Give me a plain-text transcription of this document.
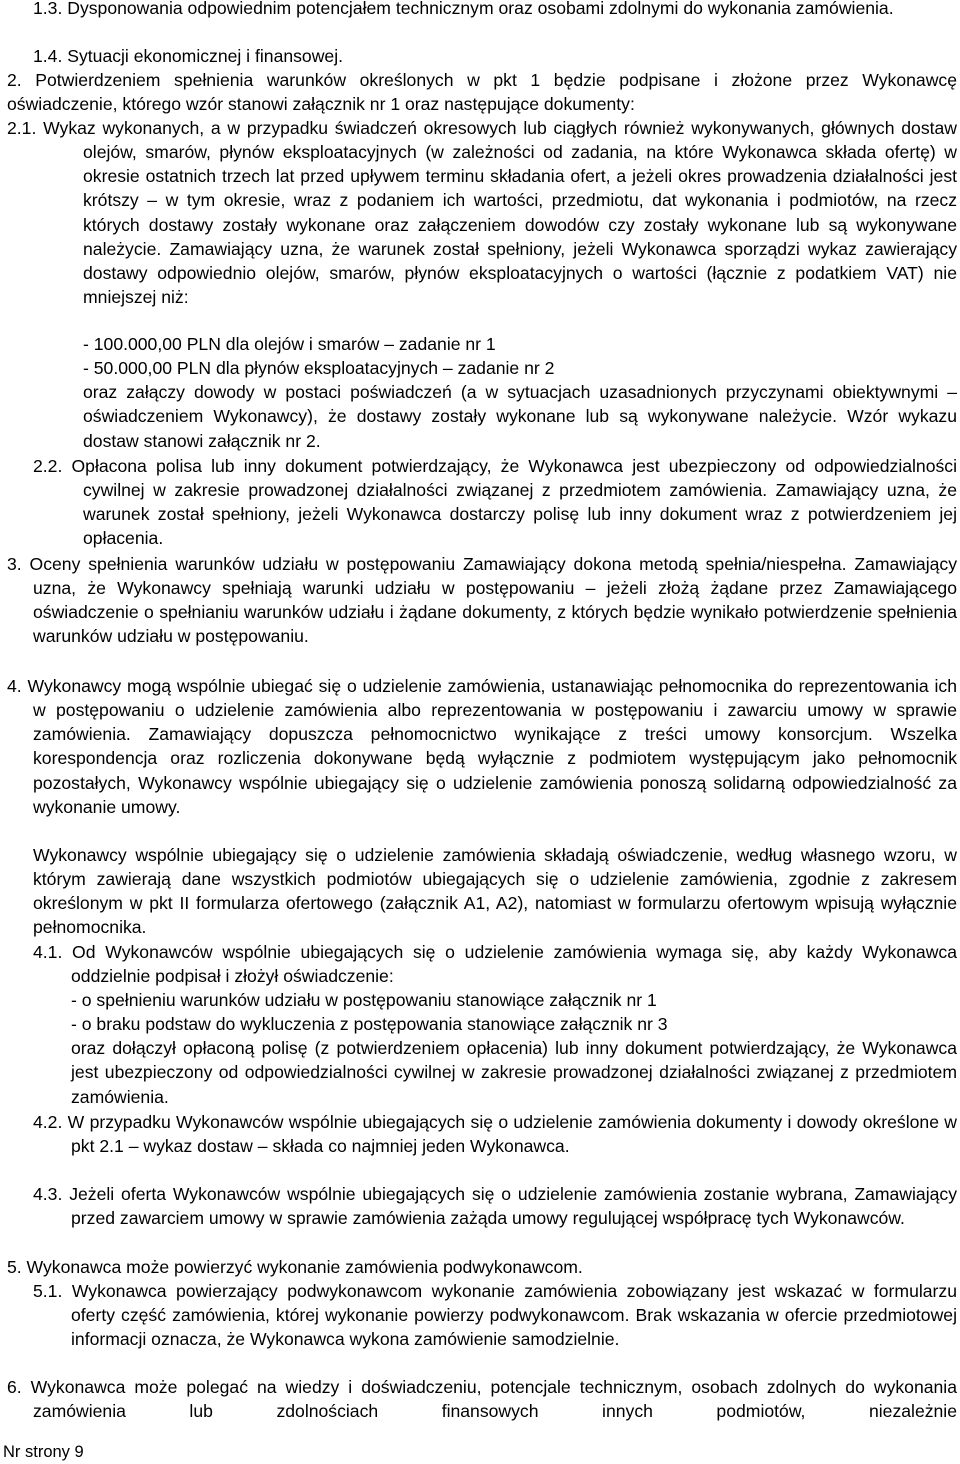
1.3. Dysponowania odpowiednim potencjałem technicznym oraz osobami zdolnymi do wykonania zamówienia.

1.4. Sytuacji ekonomicznej i finansowej.

2. Potwierdzeniem spełnienia warunków określonych w pkt 1 będzie podpisane i złożone przez Wykonawcę oświadczenie, którego wzór stanowi załącznik nr 1 oraz następujące dokumenty:

2.1. Wykaz wykonanych, a w przypadku świadczeń okresowych lub ciągłych również wykonywanych, głównych dostaw olejów, smarów, płynów eksploatacyjnych (w zależności od zadania, na które Wykonawca składa ofertę) w okresie ostatnich trzech lat przed upływem terminu składania ofert, a jeżeli okres prowadzenia działalności jest krótszy – w tym okresie, wraz z podaniem ich wartości, przedmiotu, dat wykonania i podmiotów, na rzecz których dostawy zostały wykonane oraz załączeniem dowodów czy zostały wykonane lub są wykonywane należycie. Zamawiający uzna, że warunek został spełniony, jeżeli Wykonawca sporządzi wykaz zawierający dostawy odpowiednio olejów, smarów, płynów eksploatacyjnych o wartości (łącznie z podatkiem VAT) nie mniejszej niż:

- 100.000,00 PLN dla olejów i smarów – zadanie nr 1

- 50.000,00 PLN dla płynów eksploatacyjnych – zadanie nr 2

oraz załączy dowody w postaci poświadczeń (a w sytuacjach uzasadnionych przyczynami obiektywnymi – oświadczeniem Wykonawcy), że dostawy zostały wykonane lub są wykonywane należycie. Wzór wykazu dostaw stanowi załącznik nr 2.

2.2. Opłacona polisa lub inny dokument potwierdzający, że Wykonawca jest ubezpieczony od odpowiedzialności cywilnej w zakresie prowadzonej działalności związanej z przedmiotem zamówienia. Zamawiający uzna, że warunek został spełniony, jeżeli Wykonawca dostarczy polisę lub inny dokument wraz z potwierdzeniem jej opłacenia.

3. Oceny spełnienia warunków udziału w postępowaniu Zamawiający dokona metodą spełnia/niespełna. Zamawiający uzna, że Wykonawcy spełniają warunki udziału w postępowaniu – jeżeli złożą żądane przez Zamawiającego oświadczenie o spełnianiu warunków udziału i żądane dokumenty, z których będzie wynikało potwierdzenie spełnienia warunków udziału w postępowaniu.

4. Wykonawcy mogą wspólnie ubiegać się o udzielenie zamówienia, ustanawiając pełnomocnika do reprezentowania ich w postępowaniu o udzielenie zamówienia albo reprezentowania w postępowaniu i zawarciu umowy w sprawie zamówienia. Zamawiający dopuszcza pełnomocnictwo wynikające z treści umowy konsorcjum. Wszelka korespondencja oraz rozliczenia dokonywane będą wyłącznie z podmiotem występującym jako pełnomocnik pozostałych, Wykonawcy wspólnie ubiegający się o udzielenie zamówienia ponoszą solidarną odpowiedzialność za wykonanie umowy.

Wykonawcy wspólnie ubiegający się o udzielenie zamówienia składają oświadczenie, według własnego wzoru, w którym zawierają dane wszystkich podmiotów ubiegających się o udzielenie zamówienia, zgodnie z zakresem określonym w pkt II formularza ofertowego (załącznik A1, A2), natomiast w formularzu ofertowym wpisują wyłącznie pełnomocnika.

4.1. Od Wykonawców wspólnie ubiegających się o udzielenie zamówienia wymaga się, aby każdy Wykonawca oddzielnie podpisał i złożył oświadczenie:

- o spełnieniu warunków udziału w postępowaniu stanowiące załącznik nr 1

- o braku podstaw do wykluczenia z postępowania stanowiące załącznik nr 3

oraz dołączył opłaconą polisę (z potwierdzeniem opłacenia) lub inny dokument potwierdzający, że Wykonawca jest ubezpieczony od odpowiedzialności cywilnej w zakresie prowadzonej działalności związanej z przedmiotem zamówienia.

4.2. W przypadku Wykonawców wspólnie ubiegających się o udzielenie zamówienia dokumenty i dowody określone w pkt 2.1 – wykaz dostaw – składa co najmniej jeden Wykonawca.

4.3. Jeżeli oferta Wykonawców wspólnie ubiegających się o udzielenie zamówienia zostanie wybrana, Zamawiający przed zawarciem umowy w sprawie zamówienia zażąda umowy regulującej współpracę tych Wykonawców.

5. Wykonawca może powierzyć wykonanie zamówienia podwykonawcom.

5.1. Wykonawca powierzający podwykonawcom wykonanie zamówienia zobowiązany jest wskazać w formularzu oferty część zamówienia, której wykonanie powierzy podwykonawcom. Brak wskazania w ofercie przedmiotowej informacji oznacza, że Wykonawca wykona zamówienie samodzielnie.

6. Wykonawca może polegać na wiedzy i doświadczeniu, potencjale technicznym, osobach zdolnych do wykonania zamówienia lub zdolnościach finansowych innych podmiotów, niezależnie

Nr strony 9
